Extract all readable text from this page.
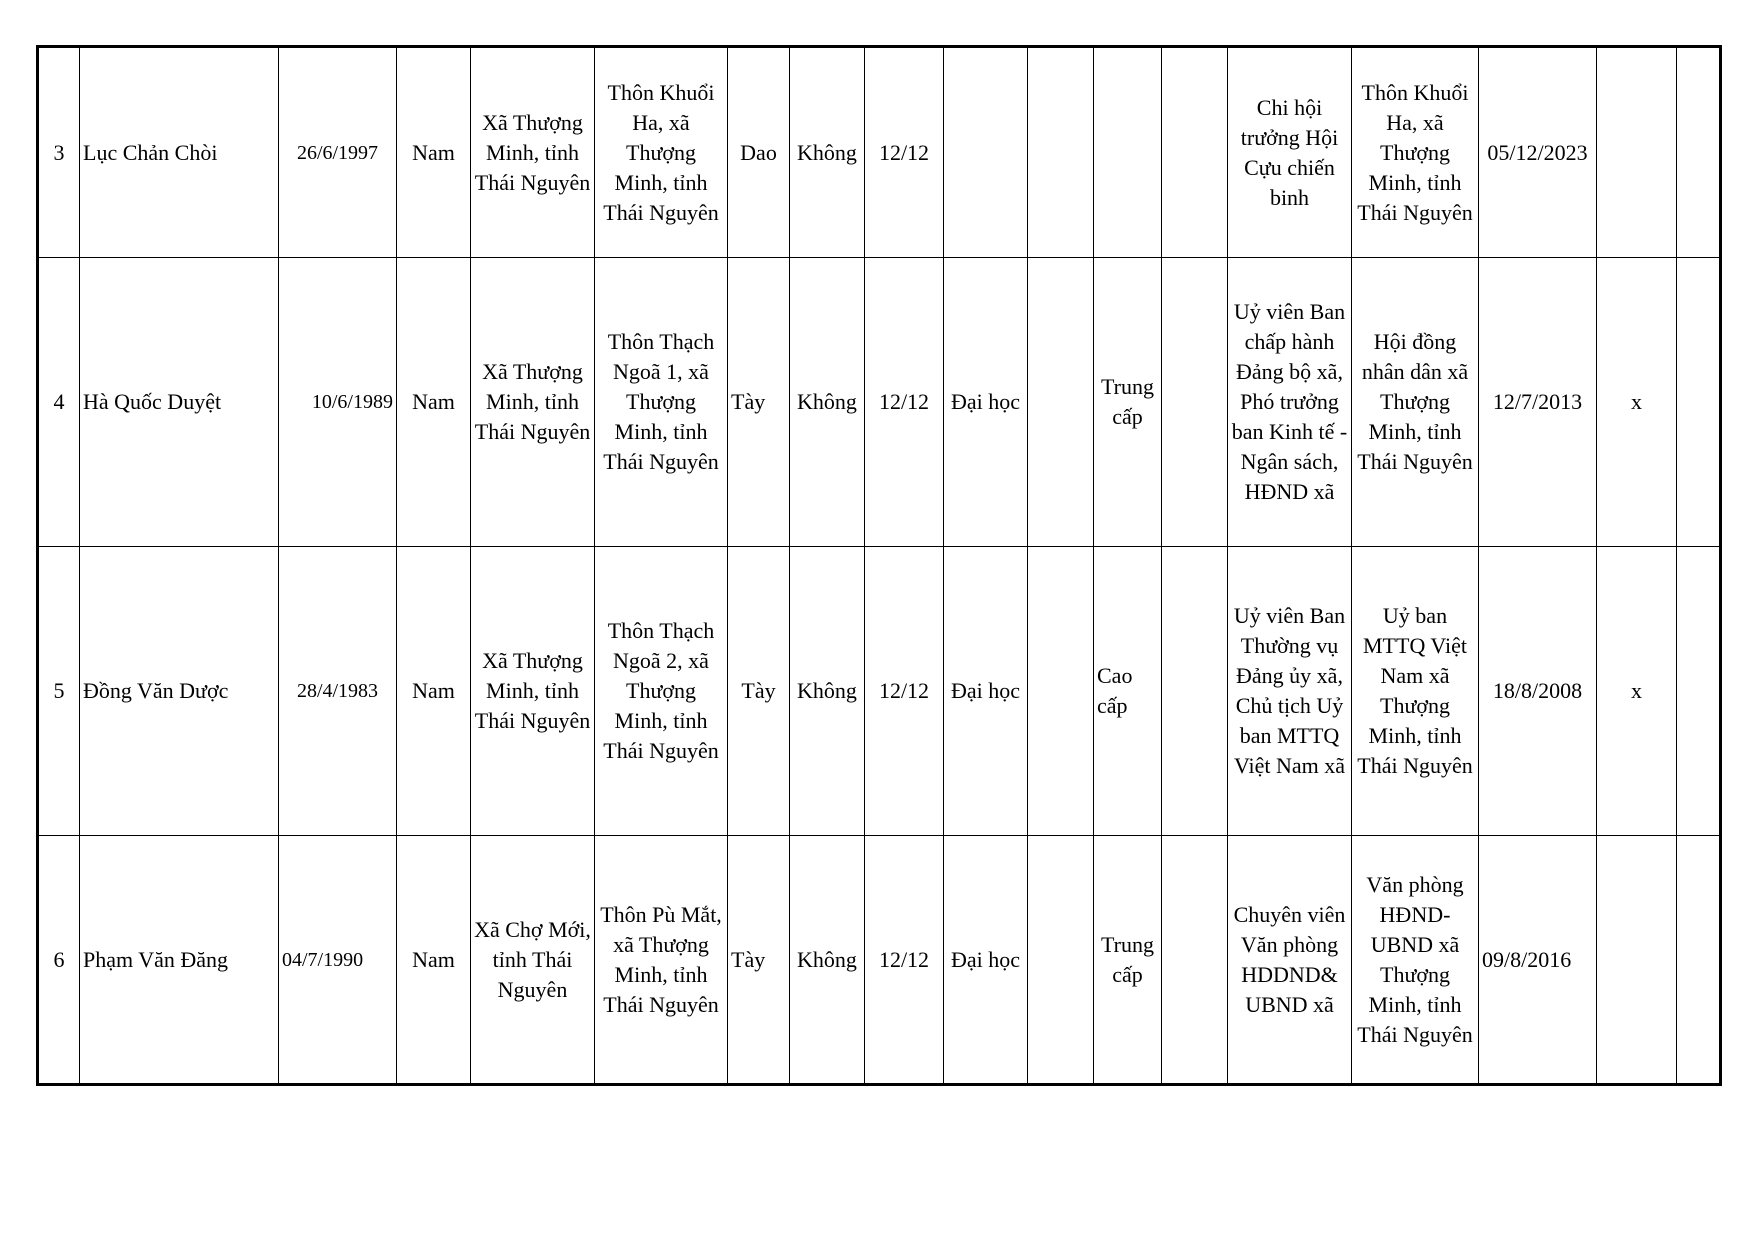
3	Lục Chản Chòi	26/6/1997	Nam	Xã Thượng Minh, tỉnh Thái Nguyên	Thôn Khuổi Ha, xã Thượng Minh, tỉnh Thái Nguyên	Dao	Không	12/12					Chi hội trưởng Hội Cựu chiến binh	Thôn Khuổi Ha, xã Thượng Minh, tỉnh Thái Nguyên	05/12/2023		
4	Hà Quốc Duyệt	10/6/1989	Nam	Xã Thượng Minh, tỉnh Thái Nguyên	Thôn Thạch Ngoã 1, xã Thượng Minh, tỉnh Thái Nguyên	Tày	Không	12/12	Đại học		Trung cấp		Uỷ viên Ban chấp hành Đảng bộ xã, Phó trưởng ban Kinh tế - Ngân sách, HĐND xã	Hội đồng nhân dân xã Thượng Minh, tỉnh Thái Nguyên	12/7/2013	x	
5	Đồng Văn Dược	28/4/1983	Nam	Xã Thượng Minh, tỉnh Thái Nguyên	Thôn Thạch Ngoã 2, xã Thượng Minh, tỉnh Thái Nguyên	Tày	Không	12/12	Đại học		Cao cấp		Uỷ viên Ban Thường vụ Đảng ủy xã, Chủ tịch Uỷ ban MTTQ Việt Nam xã	Uỷ ban MTTQ Việt Nam xã Thượng Minh, tỉnh Thái Nguyên	18/8/2008	x	
6	Phạm Văn Đăng	04/7/1990	Nam	Xã Chợ Mới, tỉnh Thái Nguyên	Thôn Pù Mắt, xã Thượng Minh, tỉnh Thái Nguyên	Tày	Không	12/12	Đại học		Trung cấp		Chuyên viên Văn phòng HDDND& UBND xã	Văn phòng HĐND-UBND xã Thượng Minh, tỉnh Thái Nguyên	09/8/2016		
